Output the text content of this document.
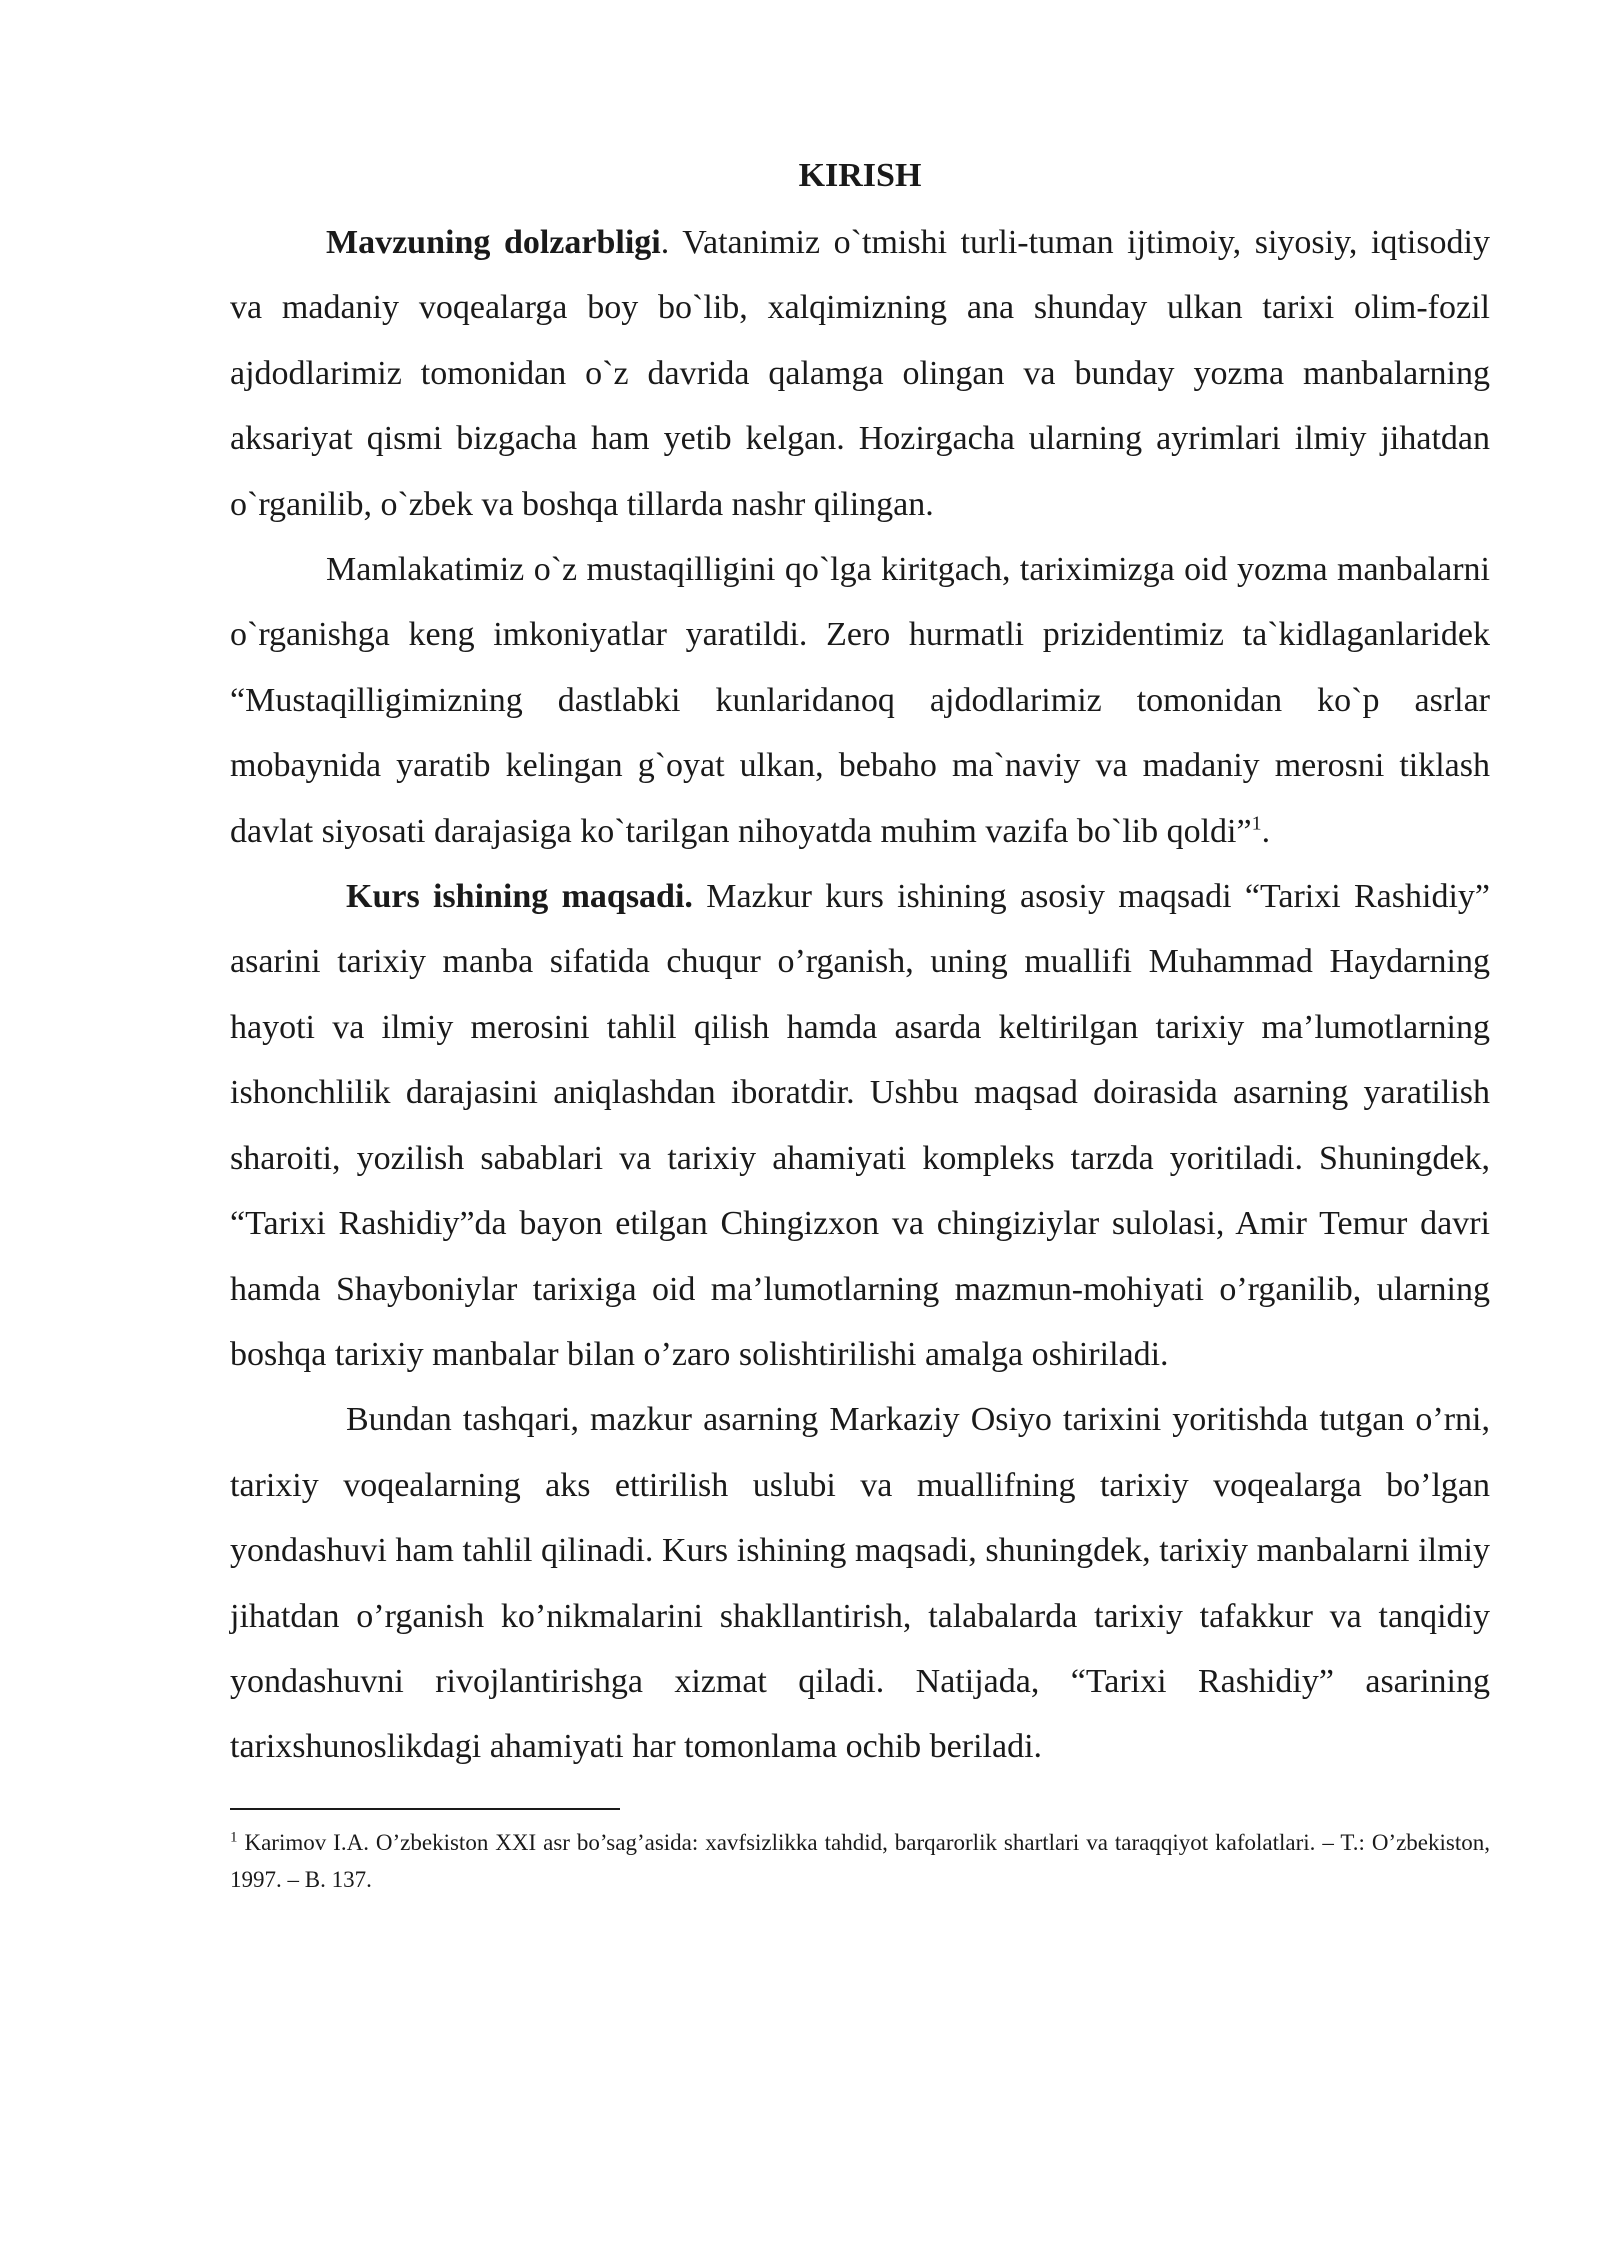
KIRISH

Mavzuning dolzarbligi. Vatanimiz o`tmishi turli-tuman ijtimoiy, siyosiy, iqtisodiy va madaniy voqealarga boy bo`lib, xalqimizning ana shunday ulkan tarixi olim-fozil ajdodlarimiz tomonidan o`z davrida qalamga olingan va bunday yozma manbalarning aksariyat qismi bizgacha ham yetib kelgan. Hozirgacha ularning ayrimlari ilmiy jihatdan o`rganilib, o`zbek va boshqa tillarda nashr qilingan.

Mamlakatimiz o`z mustaqilligini qo`lga kiritgach, tariximizga oid yozma manbalarni o`rganishga keng imkoniyatlar yaratildi. Zero hurmatli prizidentimiz ta`kidlaganlaridek “Mustaqilligimizning dastlabki kunlaridanoq ajdodlarimiz tomonidan ko`p asrlar mobaynida yaratib kelingan g`oyat ulkan, bebaho ma`naviy va madaniy merosni tiklash davlat siyosati darajasiga ko`tarilgan nihoyatda muhim vazifa bo`lib qoldi”$^1$.

Kurs ishining maqsadi. Mazkur kurs ishining asosiy maqsadi “Tarixi Rashidiy” asarini tarixiy manba sifatida chuqur o’rganish, uning muallifi Muhammad Haydarning hayoti va ilmiy merosini tahlil qilish hamda asarda keltirilgan tarixiy ma’lumotlarning ishonchlilik darajasini aniqlashdan iboratdir. Ushbu maqsad doirasida asarning yaratilish sharoiti, yozilish sabablari va tarixiy ahamiyati kompleks tarzda yoritiladi. Shuningdek, “Tarixi Rashidiy”da bayon etilgan Chingizxon va chingiziylar sulolasi, Amir Temur davri hamda Shayboniylar tarixiga oid ma’lumotlarning mazmun-mohiyati o’rganilib, ularning boshqa tarixiy manbalar bilan o’zaro solishtirilishi amalga oshiriladi.

Bundan tashqari, mazkur asarning Markaziy Osiyo tarixini yoritishda tutgan o’rni, tarixiy voqealarning aks ettirilish uslubi va muallifning tarixiy voqealarga bo’lgan yondashuvi ham tahlil qilinadi. Kurs ishining maqsadi, shuningdek, tarixiy manbalarni ilmiy jihatdan o’rganish ko’nikmalarini shakllantirish, talabalarda tarixiy tafakkur va tanqidiy yondashuvni rivojlantirishga xizmat qiladi. Natijada, “Tarixi Rashidiy” asarining tarixshunoslikdagi ahamiyati har tomonlama ochib beriladi.

$^1$ Karimov I.A. O’zbekiston XXI asr bo’sag’asida: xavfsizlikka tahdid, barqarorlik shartlari va taraqqiyot kafolatlari. – T.: O’zbekiston, 1997. – B. 137.
